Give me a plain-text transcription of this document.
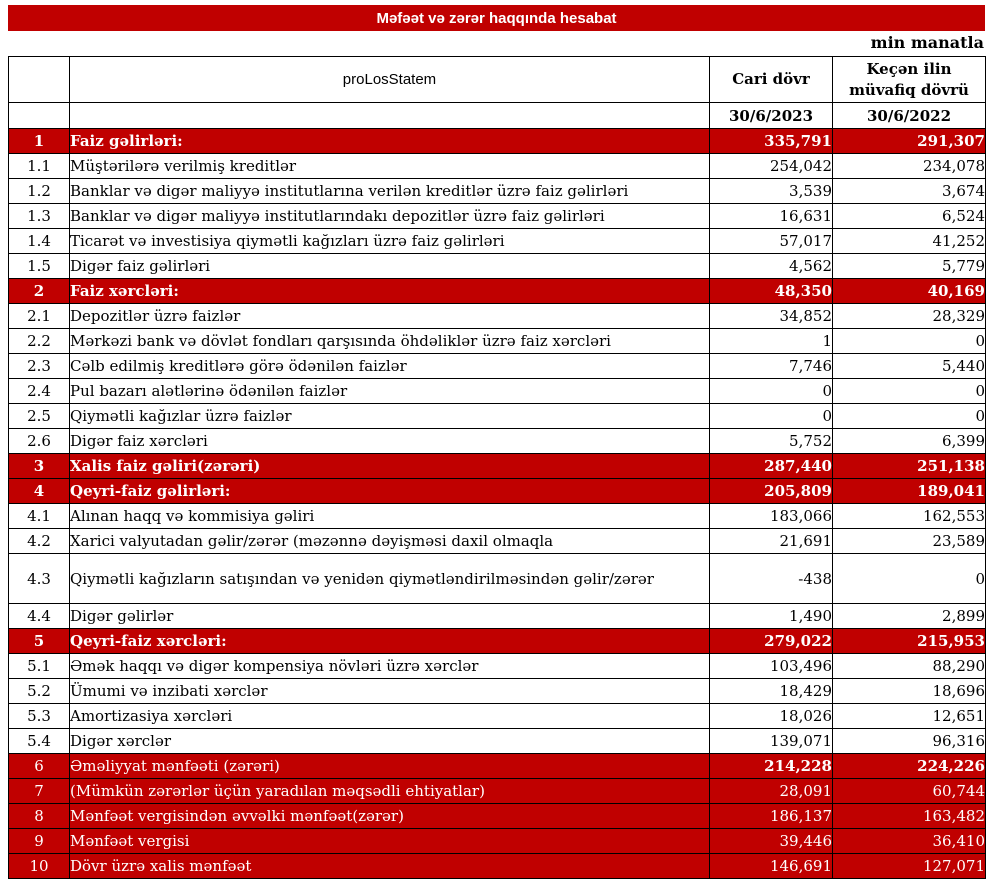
Məfəət və zərər haqqında hesabat
min manatla
	proLosStatem	Cari dövr	Keçən ilin müvafiq dövrü
		30/6/2023	30/6/2022
1	Faiz gəlirləri:	335,791	291,307
1.1	Müştərilərə verilmiş kreditlər	254,042	234,078
1.2	Banklar və digər maliyyə institutlarına verilən kreditlər üzrə faiz gəlirləri	3,539	3,674
1.3	Banklar və digər maliyyə institutlarındakı depozitlər üzrə faiz gəlirləri	16,631	6,524
1.4	Ticarət və investisiya qiymətli kağızları üzrə faiz gəlirləri	57,017	41,252
1.5	Digər faiz gəlirləri	4,562	5,779
2	Faiz xərcləri:	48,350	40,169
2.1	Depozitlər üzrə faizlər	34,852	28,329
2.2	Mərkəzi bank və dövlət fondları qarşısında öhdəliklər üzrə faiz xərcləri	1	0
2.3	Cəlb edilmiş kreditlərə görə ödənilən faizlər	7,746	5,440
2.4	Pul bazarı alətlərinə ödənilən faizlər	0	0
2.5	Qiymətli kağızlar üzrə faizlər	0	0
2.6	Digər faiz xərcləri	5,752	6,399
3	Xalis faiz gəliri(zərəri)	287,440	251,138
4	Qeyri-faiz gəlirləri:	205,809	189,041
4.1	Alınan haqq və kommisiya gəliri	183,066	162,553
4.2	Xarici valyutadan gəlir/zərər (məzənnə dəyişməsi daxil olmaqla	21,691	23,589
4.3	Qiymətli kağızların satışından və yenidən qiymətləndirilməsindən gəlir/zərər	-438	0
4.4	Digər gəlirlər	1,490	2,899
5	Qeyri-faiz xərcləri:	279,022	215,953
5.1	Əmək haqqı və digər kompensiya növləri üzrə xərclər	103,496	88,290
5.2	Ümumi və inzibati xərclər	18,429	18,696
5.3	Amortizasiya xərcləri	18,026	12,651
5.4	Digər xərclər	139,071	96,316
6	Əməliyyat mənfəəti (zərəri)	214,228	224,226
7	(Mümkün zərərlər üçün yaradılan məqsədli ehtiyatlar)	28,091	60,744
8	Mənfəət vergisindən əvvəlki mənfəət(zərər)	186,137	163,482
9	Mənfəət vergisi	39,446	36,410
10	Dövr üzrə xalis mənfəət	146,691	127,071
